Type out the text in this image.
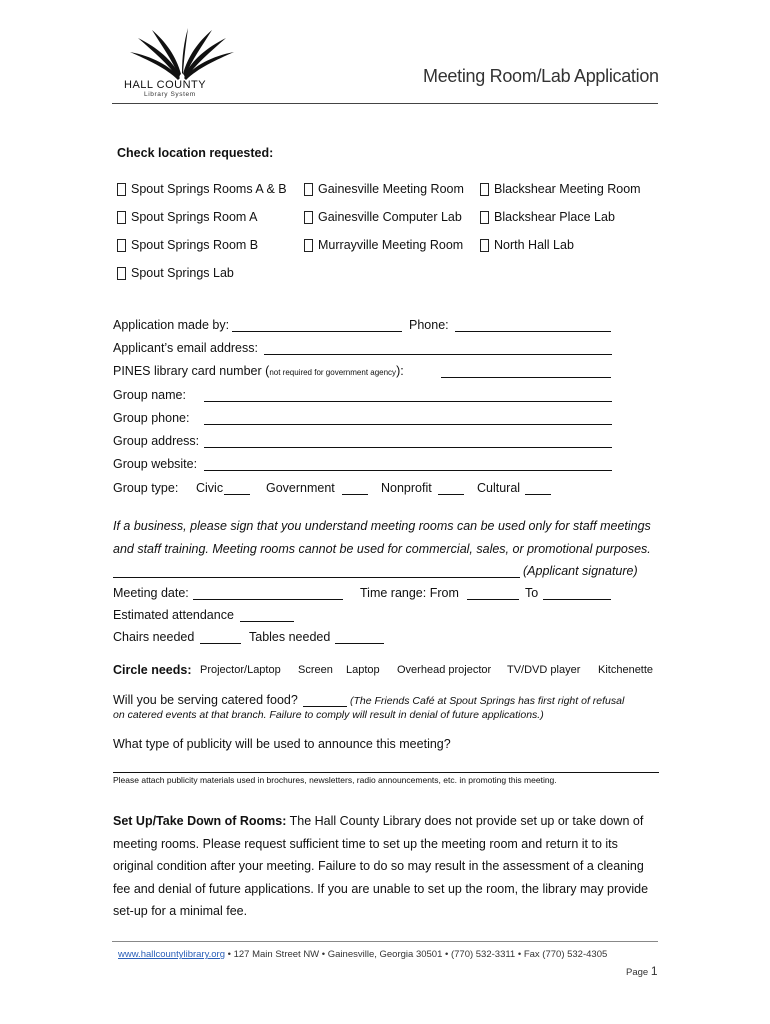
HALL COUNTY
Library System
Meeting Room/Lab Application
Check location requested:
Spout Springs Rooms A & B
Spout Springs Room A
Spout Springs Room B
Spout Springs Lab
Gainesville Meeting Room
Gainesville Computer Lab
Murrayville Meeting Room
Blackshear Meeting Room
Blackshear Place Lab
North Hall Lab
Application made by:	Phone:
Applicant’s email address:
PINES library card number (not required for government agency):
Group name:
Group phone:
Group address:
Group website:
Group type: Civic	Government	Nonprofit	Cultural
If a business, please sign that you understand meeting rooms can be used only for staff meetings
and staff training. Meeting rooms cannot be used for commercial, sales, or promotional purposes.
(Applicant signature)
Meeting date:	Time range: From	To
Estimated attendance
Chairs needed	Tables needed
Circle needs: Projector/Laptop Screen Laptop Overhead projector TV/DVD player Kitchenette
Will you be serving catered food?	(The Friends Café at Spout Springs has first right of refusal
on catered events at that branch. Failure to comply will result in denial of future applications.)
What type of publicity will be used to announce this meeting?
Please attach publicity materials used in brochures, newsletters, radio announcements, etc. in promoting this meeting.
Set Up/Take Down of Rooms: The Hall County Library does not provide set up or take down of
meeting rooms. Please request sufficient time to set up the meeting room and return it to its
original condition after your meeting. Failure to do so may result in the assessment of a cleaning
fee and denial of future applications. If you are unable to set up the room, the library may provide
set-up for a minimal fee.
www.hallcountylibrary.org • 127 Main Street NW • Gainesville, Georgia 30501 • (770) 532-3311 • Fax (770) 532-4305
Page 1
